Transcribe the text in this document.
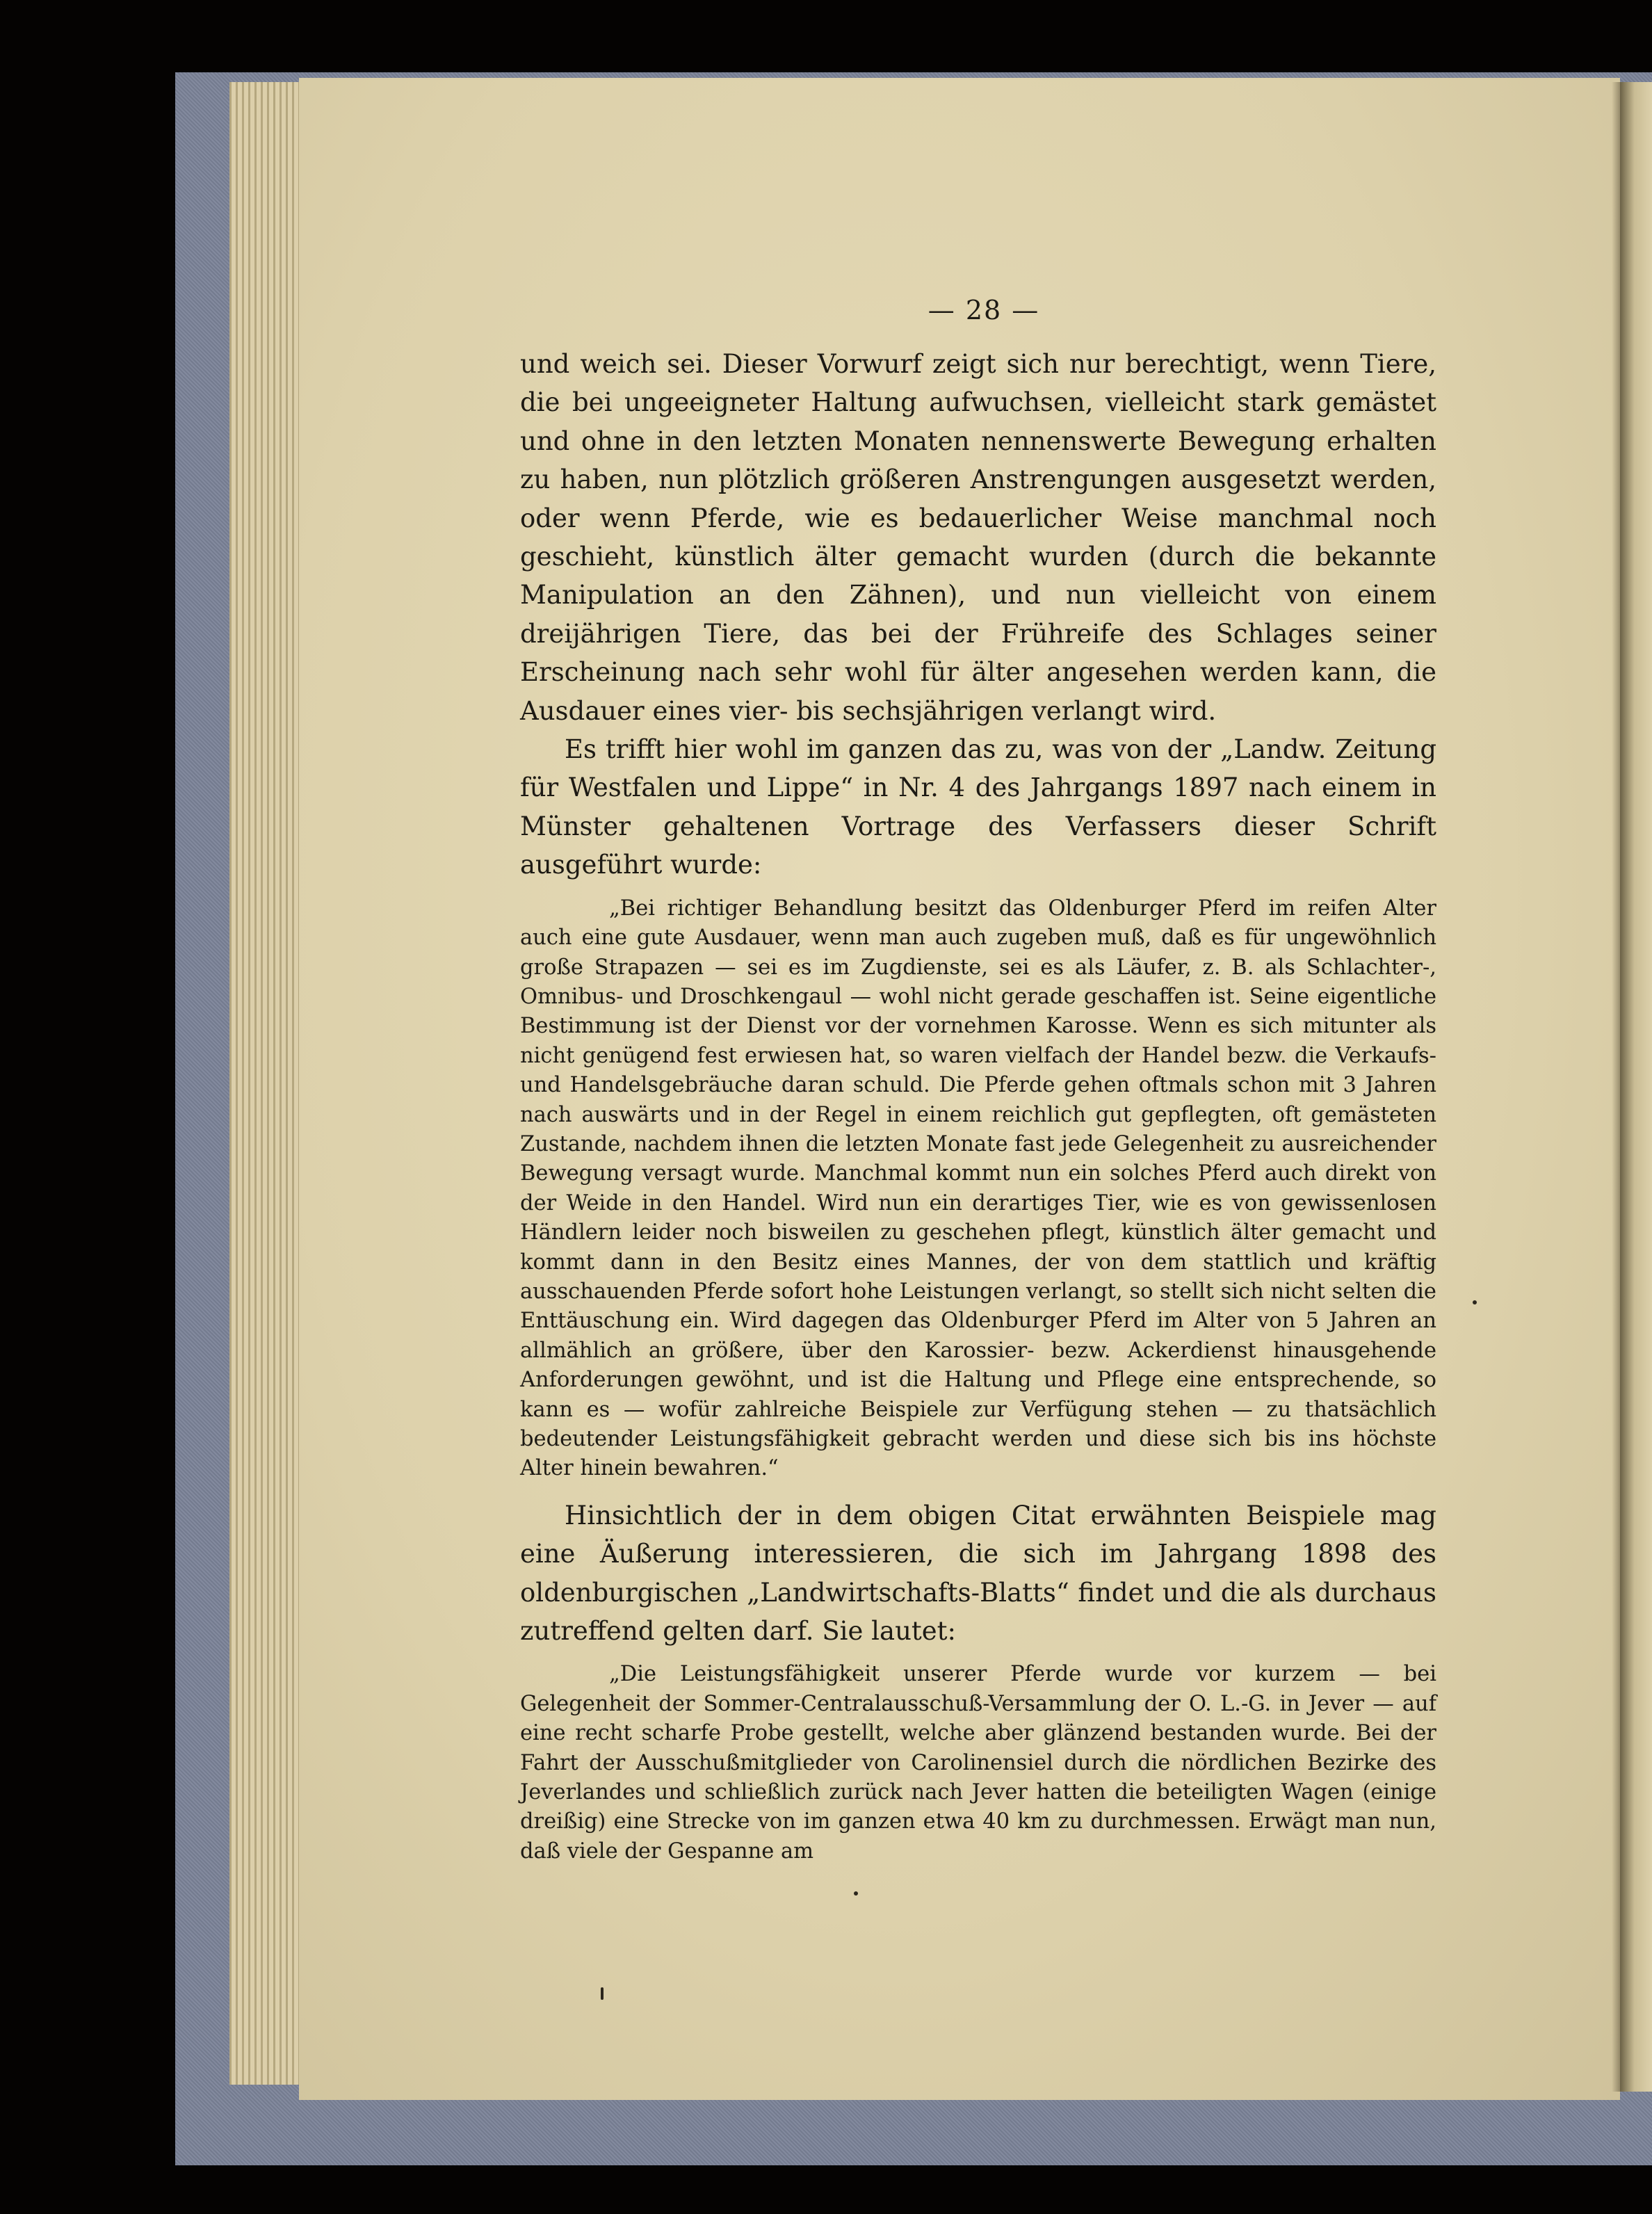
— 28 —

und weich sei. Dieser Vorwurf zeigt sich nur berechtigt, wenn Tiere, die bei ungeeigneter Haltung aufwuchsen, vielleicht stark gemästet und ohne in den letzten Monaten nennenswerte Bewegung erhalten zu haben, nun plötzlich größeren Anstrengungen ausgesetzt werden, oder wenn Pferde, wie es bedauerlicher Weise manchmal noch geschieht, künstlich älter gemacht wurden (durch die bekannte Manipulation an den Zähnen), und nun vielleicht von einem dreijährigen Tiere, das bei der Frühreife des Schlages seiner Erscheinung nach sehr wohl für älter angesehen werden kann, die Ausdauer eines vier- bis sechsjährigen verlangt wird.

Es trifft hier wohl im ganzen das zu, was von der „Landw. Zeitung für Westfalen und Lippe“ in Nr. 4 des Jahrgangs 1897 nach einem in Münster gehaltenen Vortrage des Verfassers dieser Schrift ausgeführt wurde:

„Bei richtiger Behandlung besitzt das Oldenburger Pferd im reifen Alter auch eine gute Ausdauer, wenn man auch zugeben muß, daß es für ungewöhnlich große Strapazen — sei es im Zugdienste, sei es als Läufer, z. B. als Schlachter-, Omnibus- und Droschkengaul — wohl nicht gerade geschaffen ist. Seine eigentliche Bestimmung ist der Dienst vor der vornehmen Karosse. Wenn es sich mitunter als nicht genügend fest erwiesen hat, so waren vielfach der Handel bezw. die Verkaufs- und Handelsgebräuche daran schuld. Die Pferde gehen oftmals schon mit 3 Jahren nach auswärts und in der Regel in einem reichlich gut gepflegten, oft gemästeten Zustande, nachdem ihnen die letzten Monate fast jede Gelegenheit zu ausreichender Bewegung versagt wurde. Manchmal kommt nun ein solches Pferd auch direkt von der Weide in den Handel. Wird nun ein derartiges Tier, wie es von gewissenlosen Händlern leider noch bisweilen zu geschehen pflegt, künstlich älter gemacht und kommt dann in den Besitz eines Mannes, der von dem stattlich und kräftig ausschauenden Pferde sofort hohe Leistungen verlangt, so stellt sich nicht selten die Enttäuschung ein. Wird dagegen das Oldenburger Pferd im Alter von 5 Jahren an allmählich an größere, über den Karossier- bezw. Ackerdienst hinausgehende Anforderungen gewöhnt, und ist die Haltung und Pflege eine entsprechende, so kann es — wofür zahlreiche Beispiele zur Verfügung stehen — zu thatsächlich bedeutender Leistungsfähigkeit gebracht werden und diese sich bis ins höchste Alter hinein bewahren.“

Hinsichtlich der in dem obigen Citat erwähnten Beispiele mag eine Äußerung interessieren, die sich im Jahrgang 1898 des oldenburgischen „Landwirtschafts-Blatts“ findet und die als durchaus zutreffend gelten darf. Sie lautet:

„Die Leistungsfähigkeit unserer Pferde wurde vor kurzem — bei Gelegenheit der Sommer-Centralausschuß-Versammlung der O. L.-G. in Jever — auf eine recht scharfe Probe gestellt, welche aber glänzend bestanden wurde. Bei der Fahrt der Ausschußmitglieder von Carolinensiel durch die nördlichen Bezirke des Jeverlandes und schließlich zurück nach Jever hatten die beteiligten Wagen (einige dreißig) eine Strecke von im ganzen etwa 40 km zu durchmessen. Erwägt man nun, daß viele der Gespanne am
